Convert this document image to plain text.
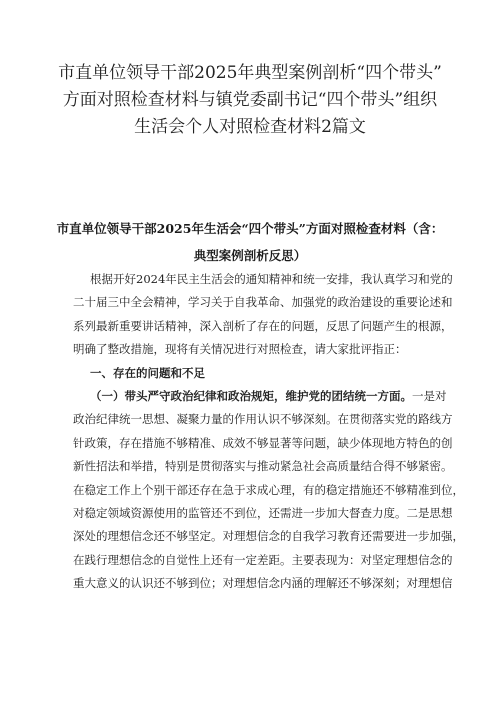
市直单位领导干部2025年典型案例剖析“四个带头”
方面对照检查材料与镇党委副书记“四个带头”组织
生活会个人对照检查材料2篇文
市直单位领导干部2025年生活会“四个带头”方面对照检查材料（含：
典型案例剖析反思）
根据开好2024年民主生活会的通知精神和统一安排，我认真学习和党的
二十届三中全会精神，学习关于自我革命、加强党的政治建设的重要论述和
系列最新重要讲话精神，深入剖析了存在的问题，反思了问题产生的根源，
明确了整改措施，现将有关情况进行对照检查，请大家批评指正：
一、存在的问题和不足
（一）带头严守政治纪律和政治规矩，维护党的团结统一方面。一是对
政治纪律统一思想、凝聚力量的作用认识不够深刻。在贯彻落实党的路线方
针政策，存在措施不够精准、成效不够显著等问题，缺少体现地方特色的创
新性招法和举措，特别是贯彻落实与推动紧急社会高质量结合得不够紧密。
在稳定工作上个别干部还存在急于求成心理，有的稳定措施还不够精准到位，
对稳定领域资源使用的监管还不到位，还需进一步加大督查力度。二是思想
深处的理想信念还不够坚定。对理想信念的自我学习教育还需要进一步加强，
在践行理想信念的自觉性上还有一定差距。主要表现为：对坚定理想信念的
重大意义的认识还不够到位；对理想信念内涵的理解还不够深刻；对理想信
